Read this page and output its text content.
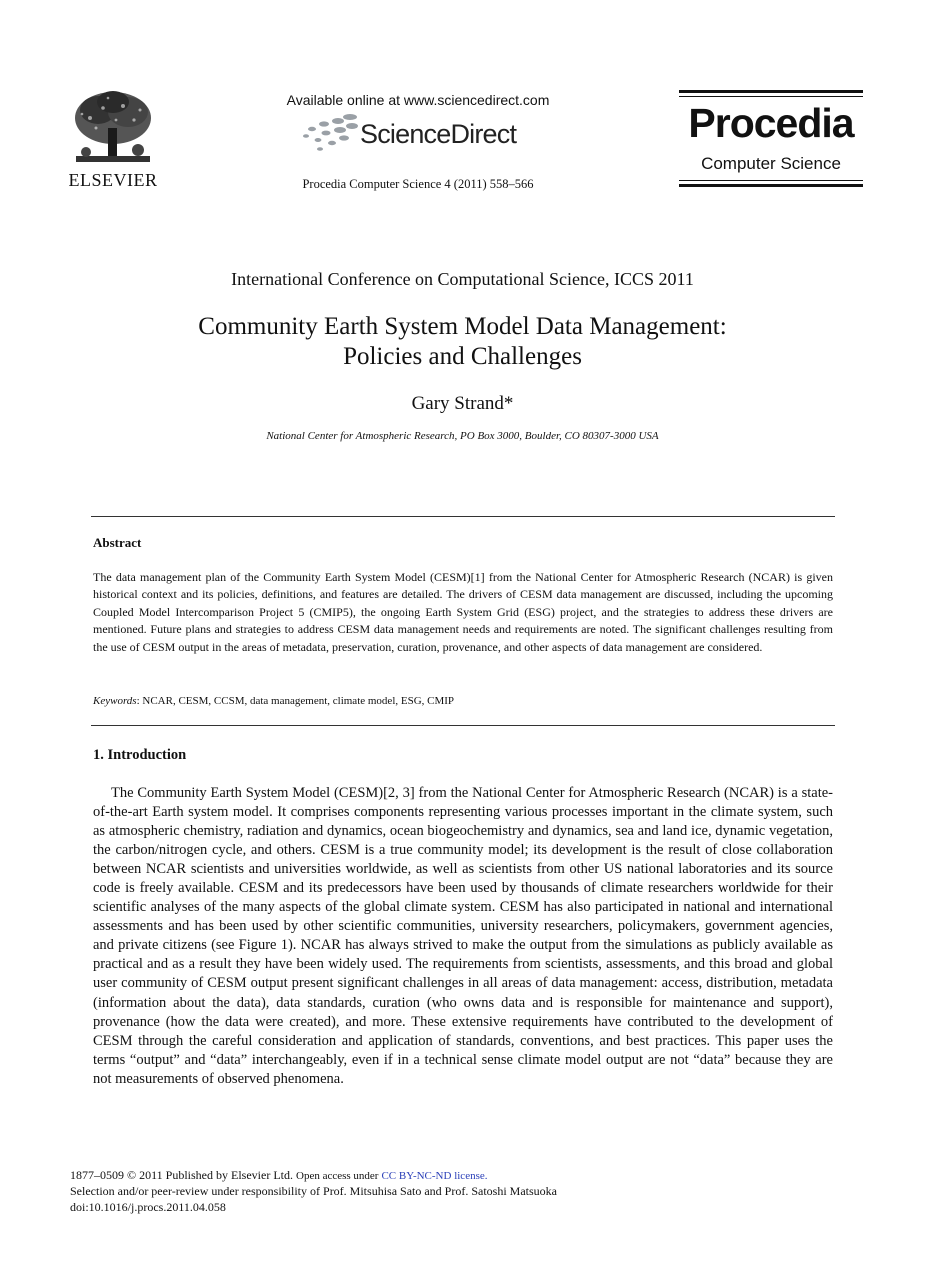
ELSEVIER
Available online at www.sciencedirect.com
ScienceDirect
Procedia Computer Science 4 (2011) 558–566
Procedia
Computer Science
International Conference on Computational Science, ICCS 2011
Community Earth System Model Data Management:
Policies and Challenges
Gary Strand*
National Center for Atmospheric Research, PO Box 3000, Boulder, CO 80307-3000 USA
Abstract
The data management plan of the Community Earth System Model (CESM)[1] from the National Center for Atmospheric Research (NCAR) is given historical context and its policies, definitions, and features are detailed. The drivers of CESM data management are discussed, including the upcoming Coupled Model Intercomparison Project 5 (CMIP5), the ongoing Earth System Grid (ESG) project, and the strategies to address these drivers are mentioned. Future plans and strategies to address CESM data management needs and requirements are noted. The significant challenges resulting from the use of CESM output in the areas of metadata, preservation, curation, provenance, and other aspects of data management are considered.
Keywords: NCAR, CESM, CCSM, data management, climate model, ESG, CMIP
1. Introduction
The Community Earth System Model (CESM)[2, 3] from the National Center for Atmospheric Research (NCAR) is a state-of-the-art Earth system model. It comprises components representing various processes important in the climate system, such as atmospheric chemistry, radiation and dynamics, ocean biogeochemistry and dynamics, sea and land ice, dynamic vegetation, the carbon/nitrogen cycle, and others. CESM is a true community model; its development is the result of close collaboration between NCAR scientists and universities worldwide, as well as scientists from other US national laboratories and its source code is freely available. CESM and its predecessors have been used by thousands of climate researchers worldwide for their scientific analyses of the many aspects of the global climate system. CESM has also participated in national and international assessments and has been used by other scientific communities, university researchers, policymakers, government agencies, and private citizens (see Figure 1). NCAR has always strived to make the output from the simulations as publicly available as practical and as a result they have been widely used. The requirements from scientists, assessments, and this broad and global user community of CESM output present significant challenges in all areas of data management: access, distribution, metadata (information about the data), data standards, curation (who owns data and is responsible for maintenance and support), provenance (how the data were created), and more. These extensive requirements have contributed to the development of CESM through the careful consideration and application of standards, conventions, and best practices. This paper uses the terms “output” and “data” interchangeably, even if in a technical sense climate model output are not “data” because they are not measurements of observed phenomena.
1877–0509 © 2011 Published by Elsevier Ltd. Open access under CC BY-NC-ND license.
Selection and/or peer-review under responsibility of Prof. Mitsuhisa Sato and Prof. Satoshi Matsuoka
doi:10.1016/j.procs.2011.04.058
